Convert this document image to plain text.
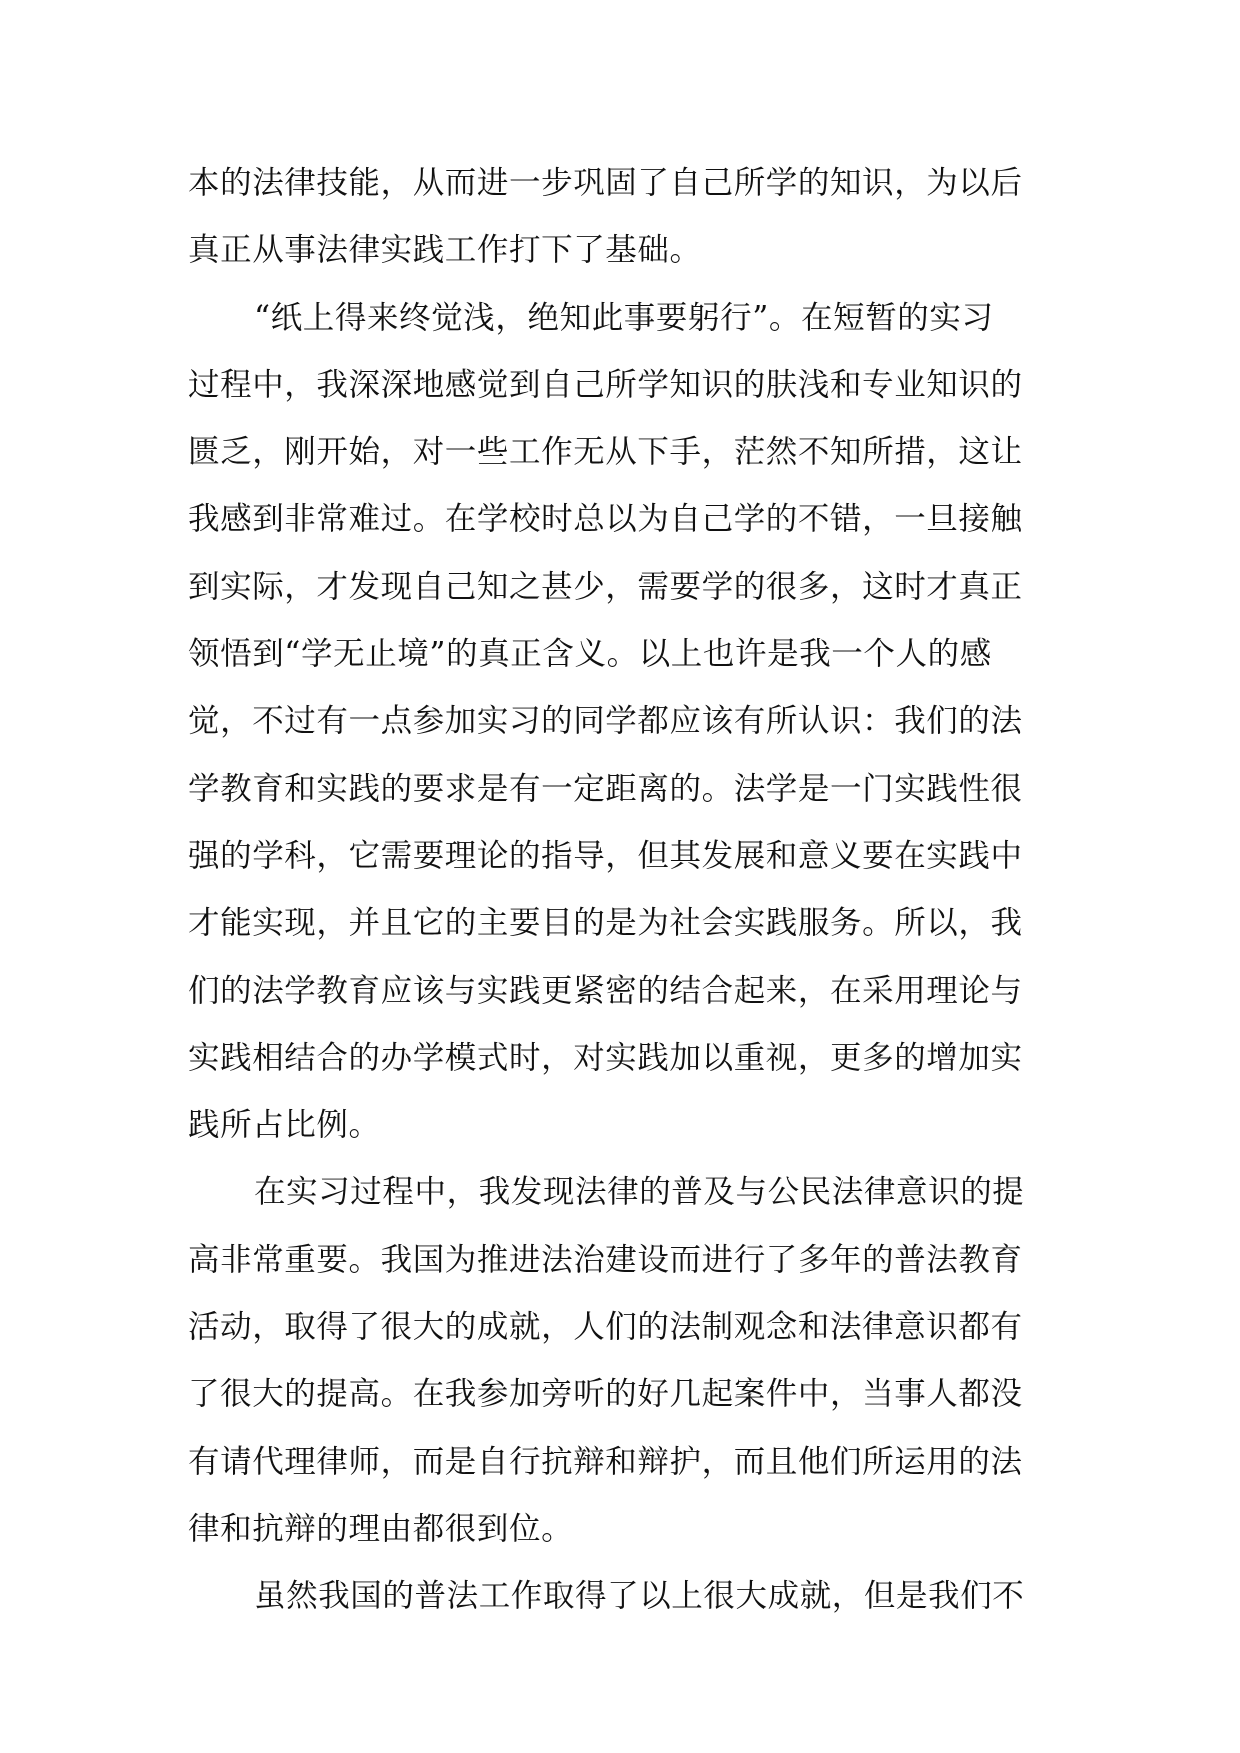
本的法律技能，从而进一步巩固了自己所学的知识，为以后
真正从事法律实践工作打下了基础。
“纸上得来终觉浅，绝知此事要躬行”。在短暂的实习
过程中，我深深地感觉到自己所学知识的肤浅和专业知识的
匮乏，刚开始，对一些工作无从下手，茫然不知所措，这让
我感到非常难过。在学校时总以为自己学的不错，一旦接触
到实际，才发现自己知之甚少，需要学的很多，这时才真正
领悟到“学无止境”的真正含义。以上也许是我一个人的感
觉，不过有一点参加实习的同学都应该有所认识：我们的法
学教育和实践的要求是有一定距离的。法学是一门实践性很
强的学科，它需要理论的指导，但其发展和意义要在实践中
才能实现，并且它的主要目的是为社会实践服务。所以，我
们的法学教育应该与实践更紧密的结合起来，在采用理论与
实践相结合的办学模式时，对实践加以重视，更多的增加实
践所占比例。
在实习过程中，我发现法律的普及与公民法律意识的提
高非常重要。我国为推进法治建设而进行了多年的普法教育
活动，取得了很大的成就，人们的法制观念和法律意识都有
了很大的提高。在我参加旁听的好几起案件中，当事人都没
有请代理律师，而是自行抗辩和辩护，而且他们所运用的法
律和抗辩的理由都很到位。
虽然我国的普法工作取得了以上很大成就，但是我们不
